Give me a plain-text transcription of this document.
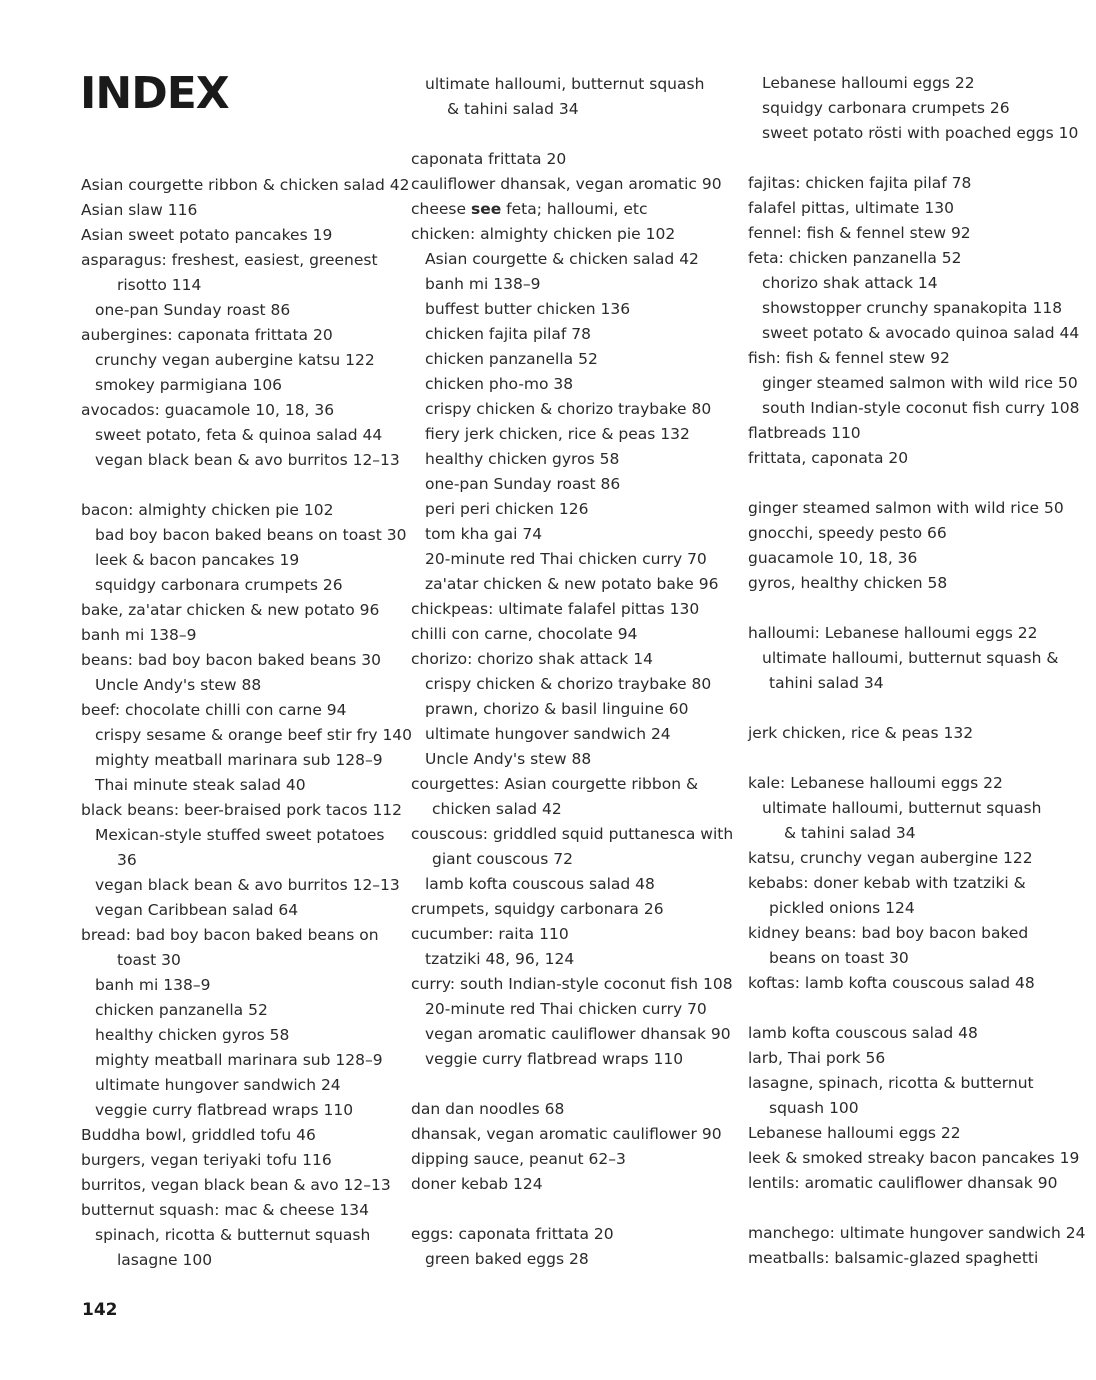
INDEX
Asian courgette ribbon & chicken salad 42
Asian slaw 116
Asian sweet potato pancakes 19
asparagus: freshest, easiest, greenest
risotto 114
one-pan Sunday roast 86
aubergines: caponata frittata 20
crunchy vegan aubergine katsu 122
smokey parmigiana 106
avocados: guacamole 10, 18, 36
sweet potato, feta & quinoa salad 44
vegan black bean & avo burritos 12–13
bacon: almighty chicken pie 102
bad boy bacon baked beans on toast 30
leek & bacon pancakes 19
squidgy carbonara crumpets 26
bake, za'atar chicken & new potato 96
banh mi 138–9
beans: bad boy bacon baked beans 30
Uncle Andy's stew 88
beef: chocolate chilli con carne 94
crispy sesame & orange beef stir fry 140
mighty meatball marinara sub 128–9
Thai minute steak salad 40
black beans: beer-braised pork tacos 112
Mexican-style stuffed sweet potatoes
36
vegan black bean & avo burritos 12–13
vegan Caribbean salad 64
bread: bad boy bacon baked beans on
toast 30
banh mi 138–9
chicken panzanella 52
healthy chicken gyros 58
mighty meatball marinara sub 128–9
ultimate hungover sandwich 24
veggie curry flatbread wraps 110
Buddha bowl, griddled tofu 46
burgers, vegan teriyaki tofu 116
burritos, vegan black bean & avo 12–13
butternut squash: mac & cheese 134
spinach, ricotta & butternut squash
lasagne 100
ultimate halloumi, butternut squash
& tahini salad 34
caponata frittata 20
cauliflower dhansak, vegan aromatic 90
cheese see feta; halloumi, etc
chicken: almighty chicken pie 102
Asian courgette & chicken salad 42
banh mi 138–9
buffest butter chicken 136
chicken fajita pilaf 78
chicken panzanella 52
chicken pho-mo 38
crispy chicken & chorizo traybake 80
fiery jerk chicken, rice & peas 132
healthy chicken gyros 58
one-pan Sunday roast 86
peri peri chicken 126
tom kha gai 74
20-minute red Thai chicken curry 70
za'atar chicken & new potato bake 96
chickpeas: ultimate falafel pittas 130
chilli con carne, chocolate 94
chorizo: chorizo shak attack 14
crispy chicken & chorizo traybake 80
prawn, chorizo & basil linguine 60
ultimate hungover sandwich 24
Uncle Andy's stew 88
courgettes: Asian courgette ribbon &
chicken salad 42
couscous: griddled squid puttanesca with
giant couscous 72
lamb kofta couscous salad 48
crumpets, squidgy carbonara 26
cucumber: raita 110
tzatziki 48, 96, 124
curry: south Indian-style coconut fish 108
20-minute red Thai chicken curry 70
vegan aromatic cauliflower dhansak 90
veggie curry flatbread wraps 110
dan dan noodles 68
dhansak, vegan aromatic cauliflower 90
dipping sauce, peanut 62–3
doner kebab 124
eggs: caponata frittata 20
green baked eggs 28
Lebanese halloumi eggs 22
squidgy carbonara crumpets 26
sweet potato rösti with poached eggs 10
fajitas: chicken fajita pilaf 78
falafel pittas, ultimate 130
fennel: fish & fennel stew 92
feta: chicken panzanella 52
chorizo shak attack 14
showstopper crunchy spanakopita 118
sweet potato & avocado quinoa salad 44
fish: fish & fennel stew 92
ginger steamed salmon with wild rice 50
south Indian-style coconut fish curry 108
flatbreads 110
frittata, caponata 20
ginger steamed salmon with wild rice 50
gnocchi, speedy pesto 66
guacamole 10, 18, 36
gyros, healthy chicken 58
halloumi: Lebanese halloumi eggs 22
ultimate halloumi, butternut squash &
tahini salad 34
jerk chicken, rice & peas 132
kale: Lebanese halloumi eggs 22
ultimate halloumi, butternut squash
& tahini salad 34
katsu, crunchy vegan aubergine 122
kebabs: doner kebab with tzatziki &
pickled onions 124
kidney beans: bad boy bacon baked
beans on toast 30
koftas: lamb kofta couscous salad 48
lamb kofta couscous salad 48
larb, Thai pork 56
lasagne, spinach, ricotta & butternut
squash 100
Lebanese halloumi eggs 22
leek & smoked streaky bacon pancakes 19
lentils: aromatic cauliflower dhansak 90
manchego: ultimate hungover sandwich 24
meatballs: balsamic-glazed spaghetti
142
